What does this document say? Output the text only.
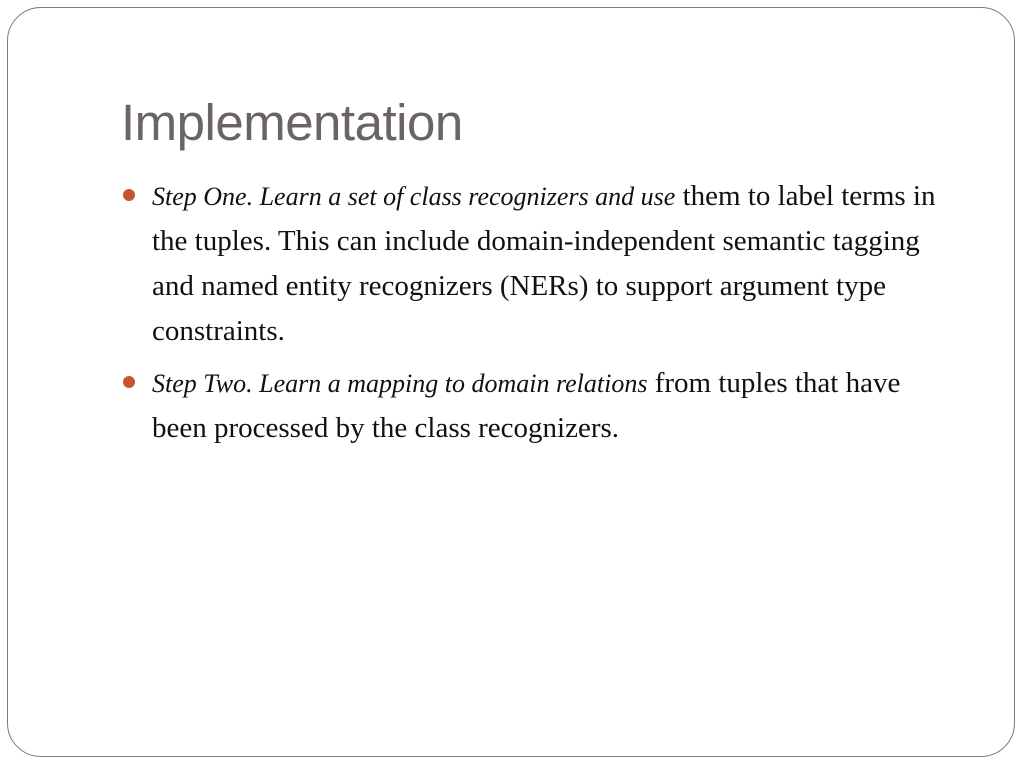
Implementation
Step One. Learn a set of class recognizers and use them to label terms in the tuples. This can include domain-independent semantic tagging and named entity recognizers (NERs) to support argument type constraints.
Step Two. Learn a mapping to domain relations from tuples that have been processed by the class recognizers.
